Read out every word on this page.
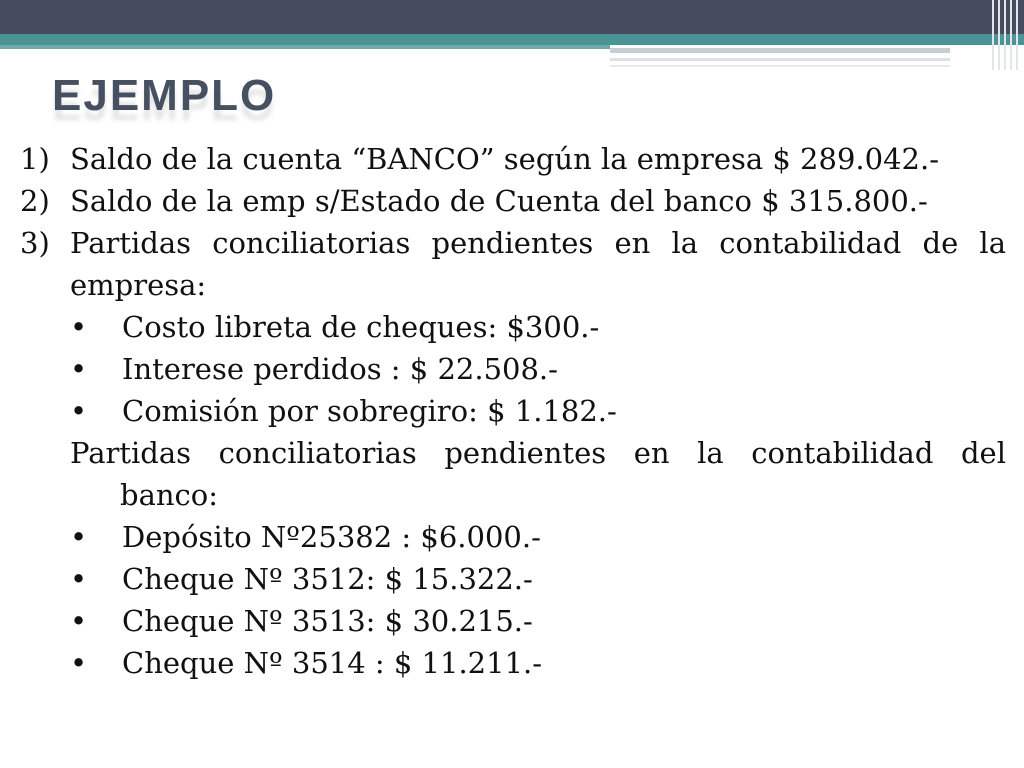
EJEMPLO
1) Saldo de la cuenta “BANCO” según la empresa $ 289.042.-
2) Saldo de la emp s/Estado de Cuenta del banco $ 315.800.-
3) Partidas conciliatorias pendientes en la contabilidad de la empresa:
•	Costo libreta de cheques: $300.-
•	Interese perdidos : $ 22.508.-
•	Comisión por sobregiro: $ 1.182.-
Partidas conciliatorias pendientes en la contabilidad del
banco:
•	Depósito Nº25382 : $6.000.-
•	Cheque Nº 3512: $ 15.322.-
•	Cheque Nº 3513: $ 30.215.-
•	Cheque Nº 3514 : $ 11.211.-
